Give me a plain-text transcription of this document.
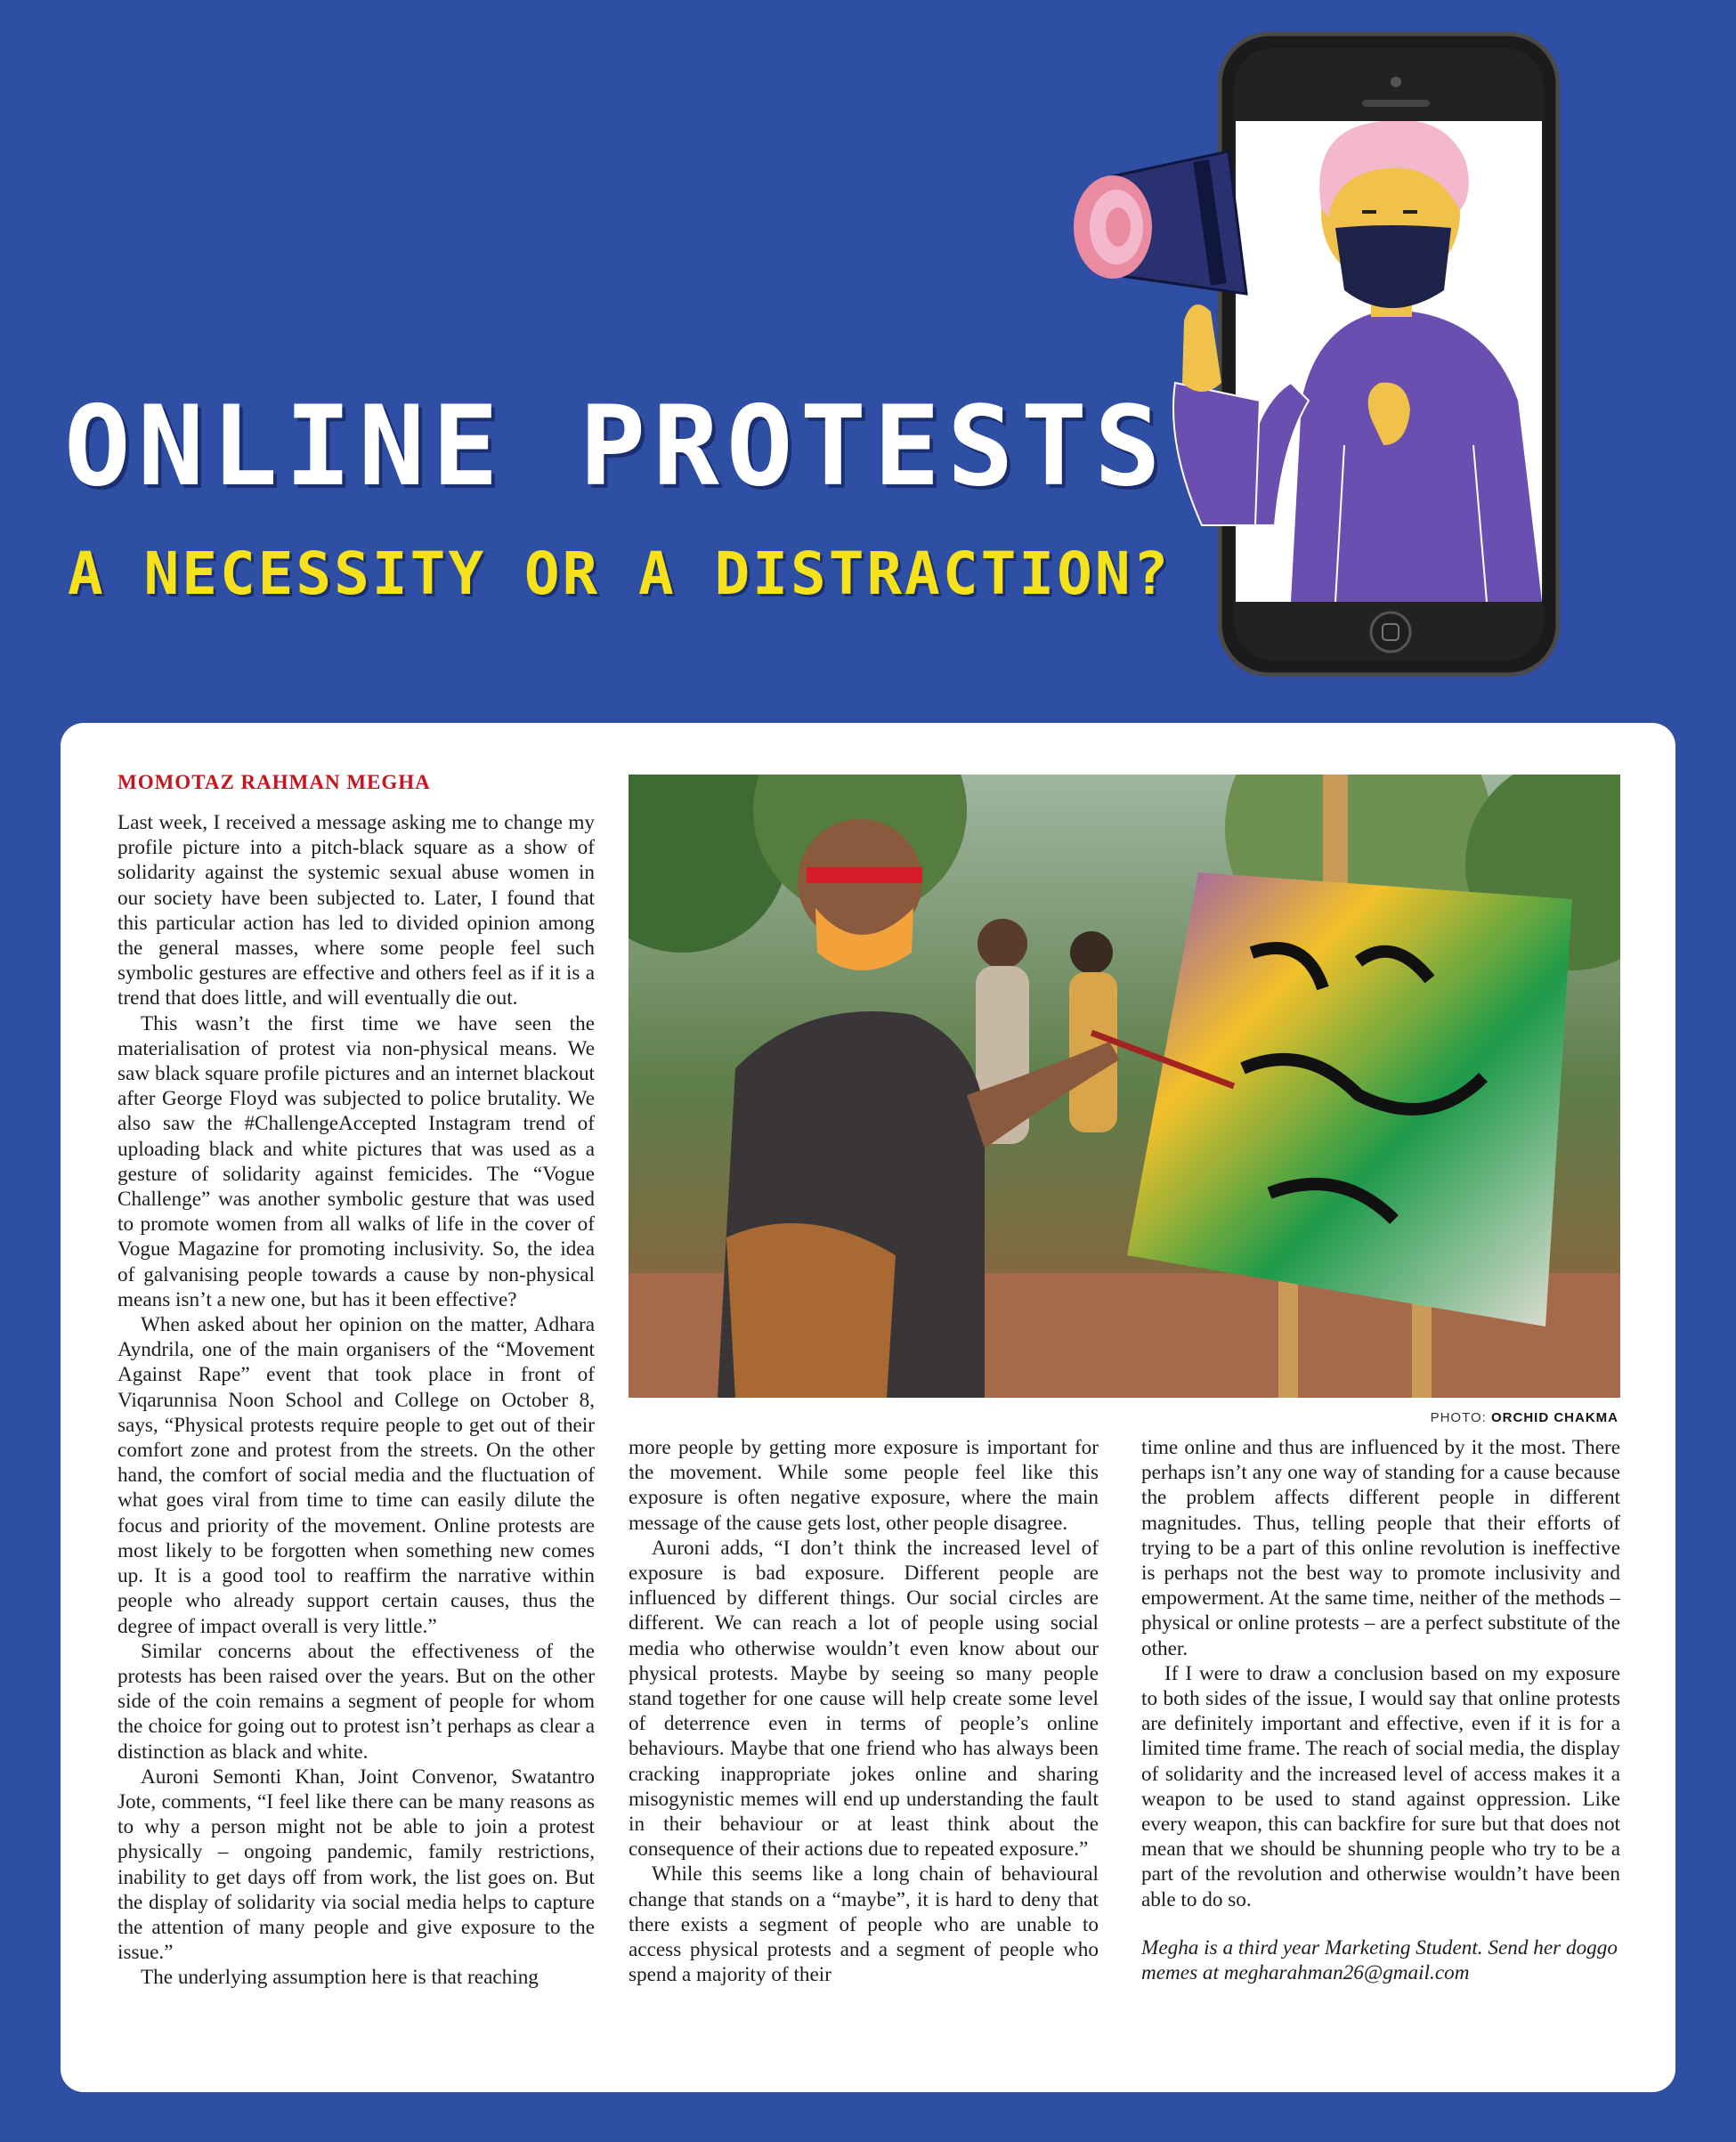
ONLINE PROTESTS
A NECESSITY OR A DISTRACTION?

MOMOTAZ RAHMAN MEGHA

PHOTO: ORCHID CHAKMA

Last week, I received a message asking me to change my profile picture into a pitch-black square as a show of solidarity against the systemic sexual abuse women in our society have been subjected to. Later, I found that this particular action has led to divided opinion among the general masses, where some people feel such symbolic gestures are effective and others feel as if it is a trend that does little, and will eventually die out.

This wasn’t the first time we have seen the materialisation of protest via non-physical means. We saw black square profile pictures and an internet blackout after George Floyd was subjected to police brutality. We also saw the #ChallengeAccepted Instagram trend of uploading black and white pictures that was used as a gesture of solidarity against femicides. The “Vogue Challenge” was another symbolic gesture that was used to promote women from all walks of life in the cover of Vogue Magazine for promoting inclusivity. So, the idea of galvanising people towards a cause by non-physical means isn’t a new one, but has it been effective?

When asked about her opinion on the matter, Adhara Ayndrila, one of the main organisers of the “Movement Against Rape” event that took place in front of Viqarunnisa Noon School and College on October 8, says, “Physical protests require people to get out of their comfort zone and protest from the streets. On the other hand, the comfort of social media and the fluctuation of what goes viral from time to time can easily dilute the focus and priority of the movement. Online protests are most likely to be forgotten when something new comes up. It is a good tool to reaffirm the narrative within people who already support certain causes, thus the degree of impact overall is very little.”

Similar concerns about the effectiveness of the protests has been raised over the years. But on the other side of the coin remains a segment of people for whom the choice for going out to protest isn’t perhaps as clear a distinction as black and white.

Auroni Semonti Khan, Joint Convenor, Swatantro Jote, comments, “I feel like there can be many reasons as to why a person might not be able to join a protest physically – ongoing pandemic, family restrictions, inability to get days off from work, the list goes on. But the display of solidarity via social media helps to capture the attention of many people and give exposure to the issue.”

The underlying assumption here is that reaching

more people by getting more exposure is important for the movement. While some people feel like this exposure is often negative exposure, where the main message of the cause gets lost, other people disagree.

Auroni adds, “I don’t think the increased level of exposure is bad exposure. Different people are influenced by different things. Our social circles are different. We can reach a lot of people using social media who otherwise wouldn’t even know about our physical protests. Maybe by seeing so many people stand together for one cause will help create some level of deterrence even in terms of people’s online behaviours. Maybe that one friend who has always been cracking inappropriate jokes online and sharing misogynistic memes will end up understanding the fault in their behaviour or at least think about the consequence of their actions due to repeated exposure.”

While this seems like a long chain of behavioural change that stands on a “maybe”, it is hard to deny that there exists a segment of people who are unable to access physical protests and a segment of people who spend a majority of their

time online and thus are influenced by it the most. There perhaps isn’t any one way of standing for a cause because the problem affects different people in different magnitudes. Thus, telling people that their efforts of trying to be a part of this online revolution is ineffective is perhaps not the best way to promote inclusivity and empowerment. At the same time, neither of the methods – physical or online protests – are a perfect substitute of the other.

If I were to draw a conclusion based on my exposure to both sides of the issue, I would say that online protests are definitely important and effective, even if it is for a limited time frame. The reach of social media, the display of solidarity and the increased level of access makes it a weapon to be used to stand against oppression. Like every weapon, this can backfire for sure but that does not mean that we should be shunning people who try to be a part of the revolution and otherwise wouldn’t have been able to do so.

Megha is a third year Marketing Student. Send her doggo memes at megharahman26@gmail.com
